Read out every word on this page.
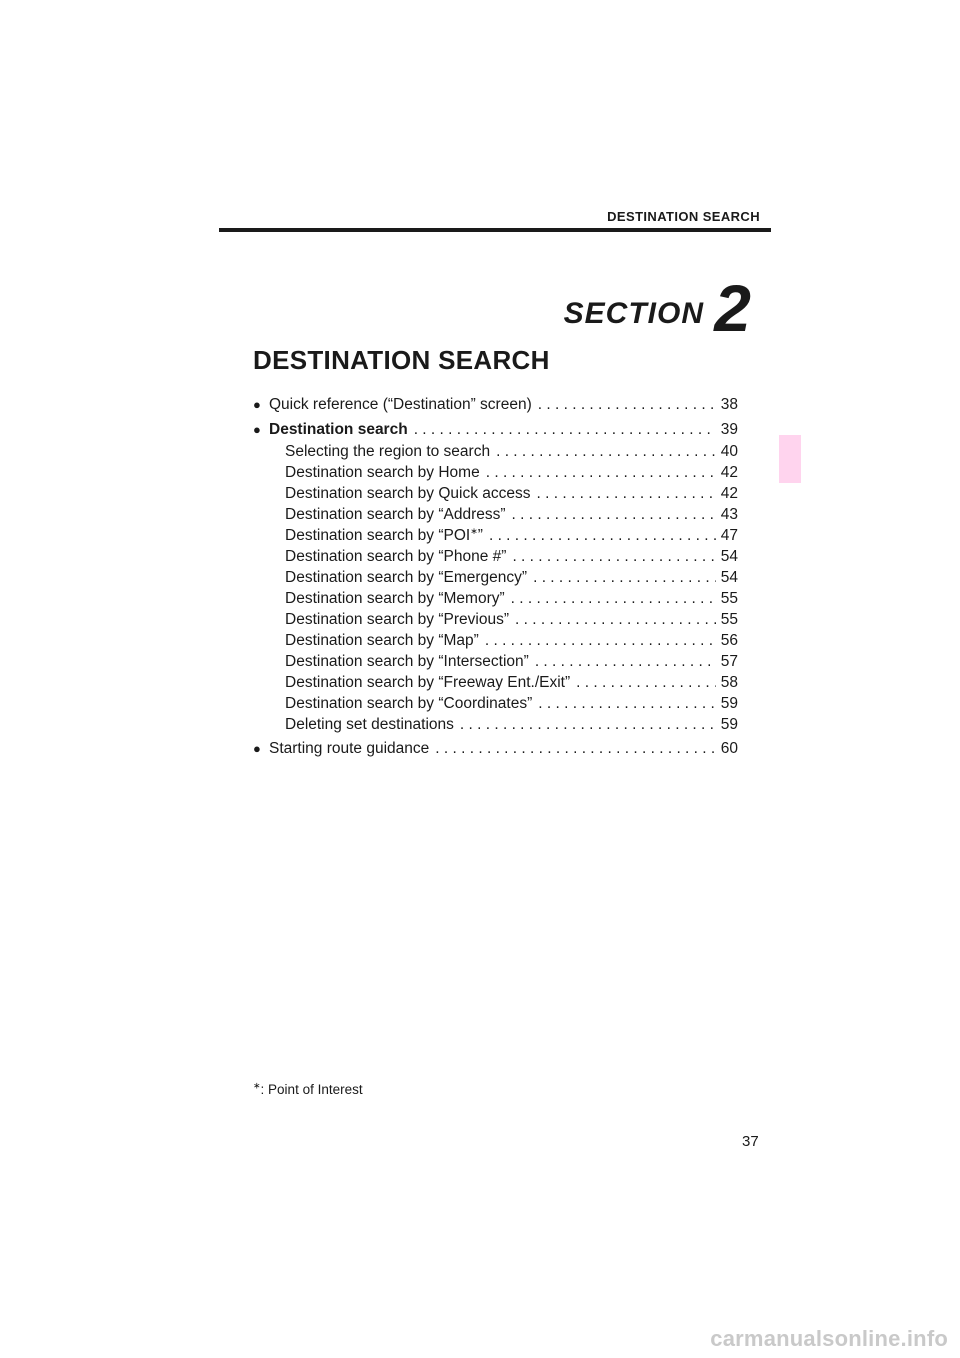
DESTINATION SEARCH
SECTION 2
DESTINATION SEARCH
● Quick reference (“Destination” screen) . . .	38
● Destination search . . .	39
Selecting the region to search . . .	40
Destination search by Home . . .	42
Destination search by Quick access . . .	42
Destination search by “Address” . . .	43
Destination search by “POI∗” . . .	47
Destination search by “Phone #” . . .	54
Destination search by “Emergency” . . .	54
Destination search by “Memory” . . .	55
Destination search by “Previous” . . .	55
Destination search by “Map” . . .	56
Destination search by “Intersection” . . .	57
Destination search by “Freeway Ent./Exit” . . .	58
Destination search by “Coordinates” . . .	59
Deleting set destinations . . .	59
● Starting route guidance . . .	60
∗: Point of Interest
37
carmanualsonline.info
